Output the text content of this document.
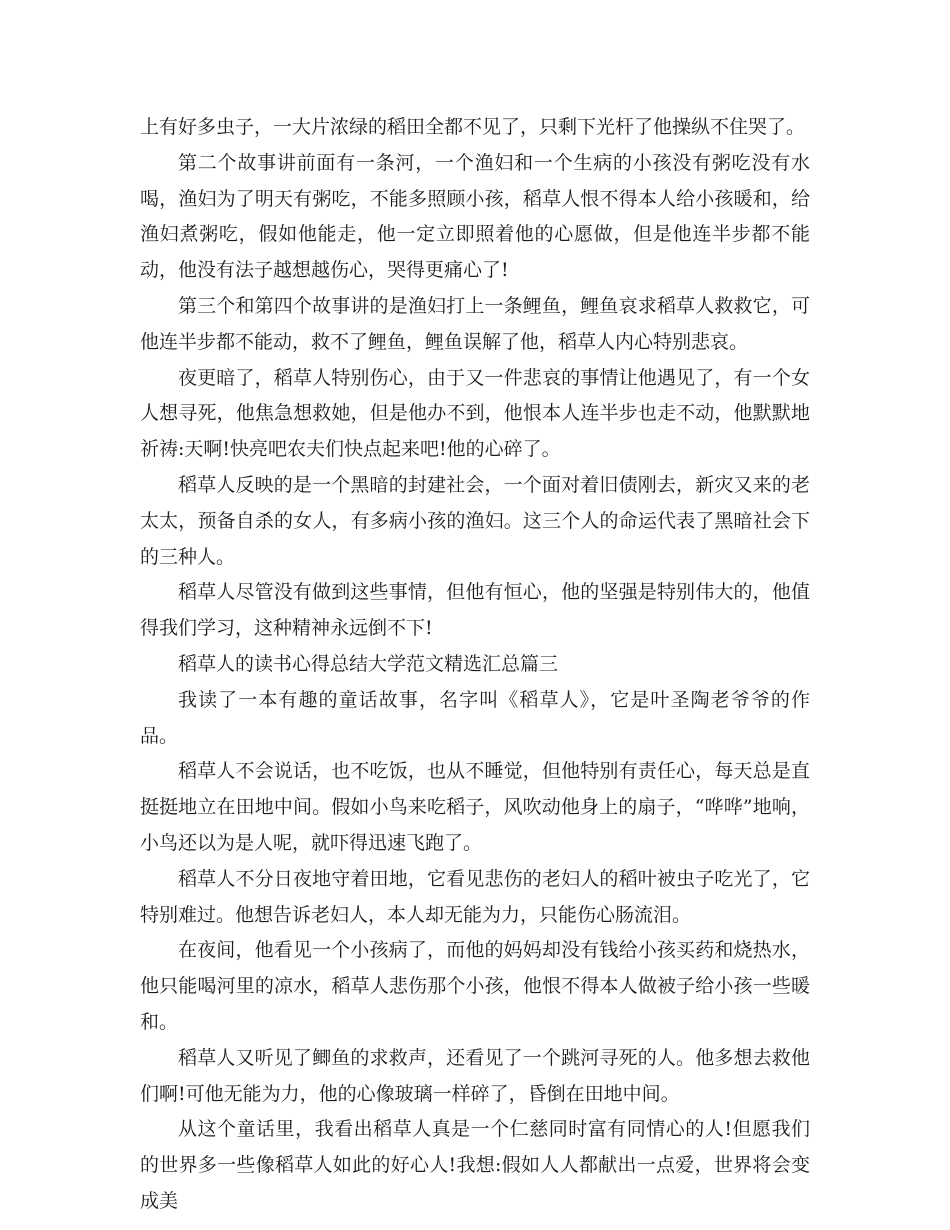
上有好多虫子，一大片浓绿的稻田全都不见了，只剩下光杆了他操纵不住哭了。

第二个故事讲前面有一条河，一个渔妇和一个生病的小孩没有粥吃没有水喝，渔妇为了明天有粥吃，不能多照顾小孩，稻草人恨不得本人给小孩暖和，给渔妇煮粥吃，假如他能走，他一定立即照着他的心愿做，但是他连半步都不能动，他没有法子越想越伤心，哭得更痛心了!

第三个和第四个故事讲的是渔妇打上一条鲤鱼，鲤鱼哀求稻草人救救它，可他连半步都不能动，救不了鲤鱼，鲤鱼误解了他，稻草人内心特别悲哀。

夜更暗了，稻草人特别伤心，由于又一件悲哀的事情让他遇见了，有一个女人想寻死，他焦急想救她，但是他办不到，他恨本人连半步也走不动，他默默地祈祷:天啊!快亮吧农夫们快点起来吧!他的心碎了。

稻草人反映的是一个黑暗的封建社会，一个面对着旧债刚去，新灾又来的老太太，预备自杀的女人，有多病小孩的渔妇。这三个人的命运代表了黑暗社会下的三种人。

稻草人尽管没有做到这些事情，但他有恒心，他的坚强是特别伟大的，他值得我们学习，这种精神永远倒不下!

稻草人的读书心得总结大学范文精选汇总篇三

我读了一本有趣的童话故事，名字叫《稻草人》，它是叶圣陶老爷爷的作品。

稻草人不会说话，也不吃饭，也从不睡觉，但他特别有责任心，每天总是直挺挺地立在田地中间。假如小鸟来吃稻子，风吹动他身上的扇子，“哗哗”地响，小鸟还以为是人呢，就吓得迅速飞跑了。

稻草人不分日夜地守着田地，它看见悲伤的老妇人的稻叶被虫子吃光了，它特别难过。他想告诉老妇人，本人却无能为力，只能伤心肠流泪。

在夜间，他看见一个小孩病了，而他的妈妈却没有钱给小孩买药和烧热水，他只能喝河里的凉水，稻草人悲伤那个小孩，他恨不得本人做被子给小孩一些暖和。

稻草人又听见了鲫鱼的求救声，还看见了一个跳河寻死的人。他多想去救他们啊!可他无能为力，他的心像玻璃一样碎了，昏倒在田地中间。

从这个童话里，我看出稻草人真是一个仁慈同时富有同情心的人!但愿我们的世界多一些像稻草人如此的好心人!我想:假如人人都献出一点爱，世界将会变成美
